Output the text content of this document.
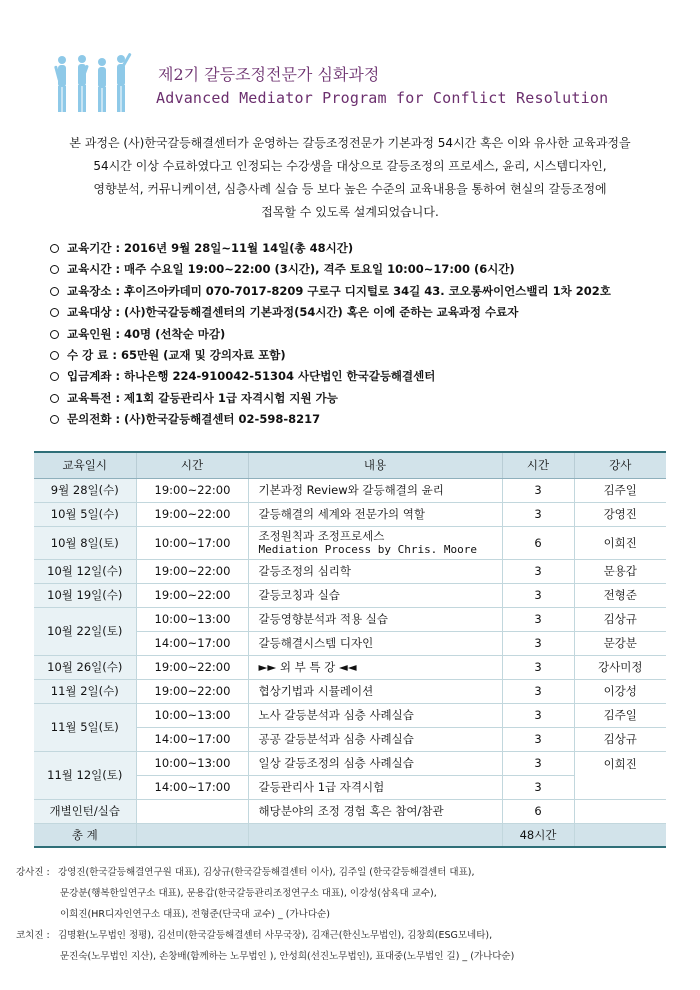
제2기 갈등조정전문가 심화과정
Advanced Mediator Program for Conflict Resolution
본 과정은 (사)한국갈등해결센터가 운영하는 갈등조정전문가 기본과정 54시간 혹은 이와 유사한 교육과정을
54시간 이상 수료하였다고 인정되는 수강생을 대상으로 갈등조정의 프로세스, 윤리, 시스템디자인,
영향분석, 커뮤니케이션, 심층사례 실습 등 보다 높은 수준의 교육내용을 통하여 현실의 갈등조정에
접목할 수 있도록 설계되었습니다.
교육기간 : 2016년 9월 28일~11월 14일(총 48시간)
교육시간 : 매주 수요일 19:00~22:00 (3시간), 격주 토요일 10:00~17:00 (6시간)
교육장소 : 후이즈아카데미 070-7017-8209 구로구 디지털로 34길 43. 코오롱싸이언스밸리 1차 202호
교육대상 : (사)한국갈등해결센터의 기본과정(54시간) 혹은 이에 준하는 교육과정 수료자
교육인원 : 40명 (선착순 마감)
수 강 료 : 65만원 (교재 및 강의자료 포함)
입금계좌 : 하나은행 224-910042-51304 사단법인 한국갈등해결센터
교육특전 : 제1회 갈등관리사 1급 자격시험 지원 가능
문의전화 : (사)한국갈등해결센터 02-598-8217
교육일시	시간	내용	시간	강사
9월 28일(수)	19:00~22:00	기본과정 Review와 갈등해결의 윤리	3	김주일
10월 5일(수)	19:00~22:00	갈등해결의 세계와 전문가의 역할	3	강영진
10월 8일(토)	10:00~17:00	조정원칙과 조정프로세스
Mediation Process by Chris. Moore	6	이희진
10월 12일(수)	19:00~22:00	갈등조정의 심리학	3	문용갑
10월 19일(수)	19:00~22:00	갈등코칭과 실습	3	전형준
10월 22일(토)	10:00~13:00	갈등영향분석과 적용 실습	3	김상규
	14:00~17:00	갈등해결시스템 디자인	3	문강분
10월 26일(수)	19:00~22:00	►► 외 부 특 강 ◄◄	3	강사미정
11월 2일(수)	19:00~22:00	협상기법과 시뮬레이션	3	이강성
11월 5일(토)	10:00~13:00	노사 갈등분석과 심층 사례실습	3	김주일
	14:00~17:00	공공 갈등분석과 심층 사례실습	3	김상규
11월 12일(토)	10:00~13:00	일상 갈등조정의 심층 사례실습	3	이희진
	14:00~17:00	갈등관리사 1급 자격시험	3	
개별인턴/실습		해당분야의 조정 경험 혹은 참여/참관	6	
총 계			48시간	
강사진 : 강영진(한국갈등해결연구원 대표), 김상규(한국갈등해결센터 이사), 김주일 (한국갈등해결센터 대표),
문강분(행복한일연구소 대표), 문용갑(한국갈등관리조정연구소 대표), 이강성(삼육대 교수),
이희진(HR디자인연구소 대표), 전형준(단국대 교수) _ (가나다순)
코치진 : 김명환(노무법인 정평), 김선미(한국갈등해결센터 사무국장), 김재근(한신노무법인), 김창희(ESG모네타),
문진숙(노무법인 지산), 손창배(함께하는 노무법인 ), 안성희(선진노무법인), 표대중(노무법인 길) _ (가나다순)
